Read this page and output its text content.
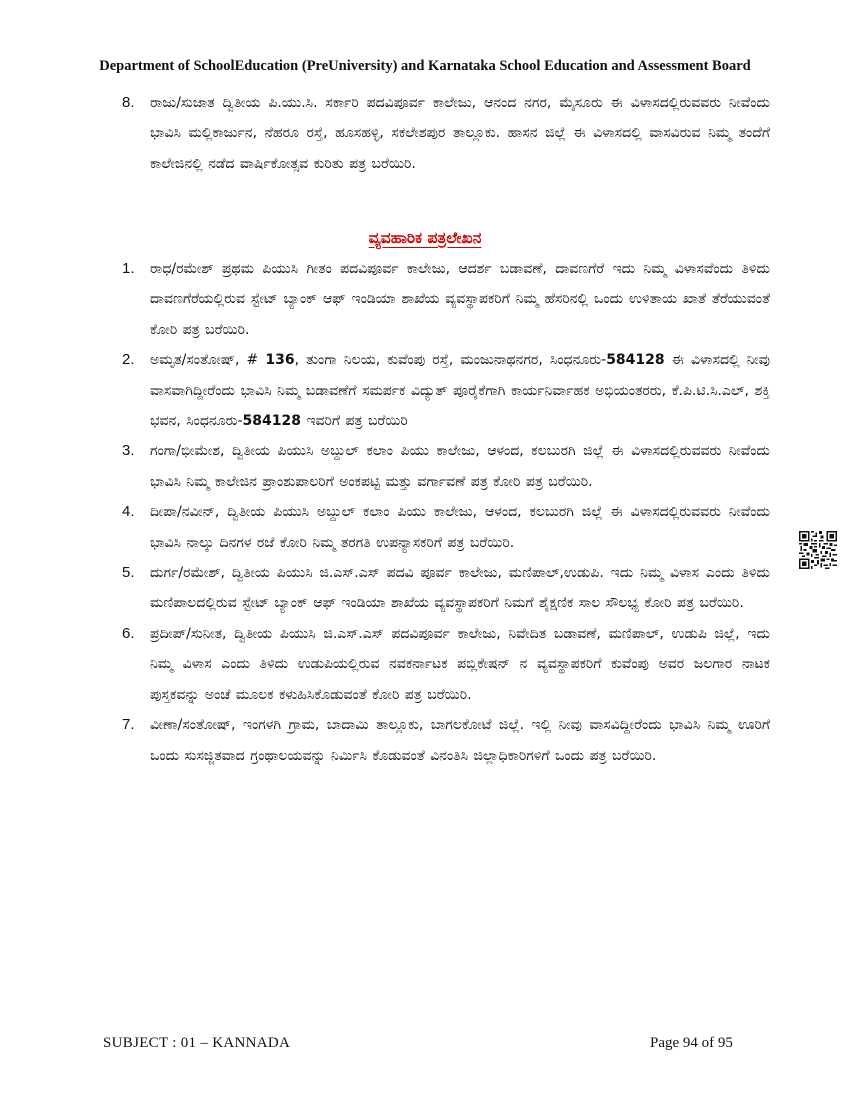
Department of SchoolEducation (PreUniversity) and Karnataka School Education and Assessment Board
8.	ರಾಜು/ಸುಜಾತ ದ್ವಿತೀಯ ಪಿ.ಯು.ಸಿ. ಸರ್ಕಾರಿ ಪದವಿಪೂರ್ವ ಕಾಲೇಜು, ಆನಂದ ನಗರ, ಮೈಸೂರು ಈ ವಿಳಾಸದಲ್ಲಿರುವವರು ನೀವೆಂದು ಭಾವಿಸಿ ಮಲ್ಲಿಕಾರ್ಜುನ, ನೆಹರೂ ರಸ್ತೆ, ಹೂಸಹಳ್ಳಿ, ಸಕಲೇಶಪುರ ತಾಲ್ಲೂಕು. ಹಾಸನ ಜಿಲ್ಲೆ ಈ ವಿಳಾಸದಲ್ಲಿ ವಾಸವಿರುವ ನಿಮ್ಮ ತಂದೆಗೆ ಕಾಲೇಜಿನಲ್ಲಿ ನಡೆದ ವಾರ್ಷಿಕೋತ್ಸವ ಕುರಿತು ಪತ್ರ ಬರೆಯಿರಿ.
ವ್ಯವಹಾರಿಕ ಪತ್ರಲೇಖನ
1.	ರಾಧ/ರಮೇಶ್ ಪ್ರಥಮ ಪಿಯುಸಿ ಗೀತಂ ಪದವಿಪೂರ್ವ ಕಾಲೇಜು, ಆದರ್ಶ ಬಡಾವಣೆ, ದಾವಣಗೆರೆ ಇದು ನಿಮ್ಮ ವಿಳಾಸವೆಂದು ತಿಳಿದು ದಾವಣಗೆರೆಯಲ್ಲಿರುವ ಸ್ಟೇಟ್ ಬ್ಯಾಂಕ್ ಆಫ್ ಇಂಡಿಯಾ ಶಾಖೆಯ ವ್ಯವಸ್ಥಾಪಕರಿಗೆ ನಿಮ್ಮ ಹೆಸರಿನಲ್ಲಿ ಒಂದು ಉಳಿತಾಯ ಖಾತೆ ತೆರೆಯುವಂತೆ ಕೋರಿ ಪತ್ರ ಬರೆಯಿರಿ.
2.	ಅಮೃತ/ಸಂತೋಷ್, # 136, ತುಂಗಾ ನಿಲಯ, ಕುವೆಂಪು ರಸ್ತೆ, ಮಂಜುನಾಥನಗರ, ಸಿಂಧನೂರು-584128 ಈ ವಿಳಾಸದಲ್ಲಿ ನೀವು ವಾಸವಾಗಿದ್ದೀರೆಂದು ಭಾವಿಸಿ ನಿಮ್ಮ ಬಡಾವಣೆಗೆ ಸಮರ್ಪಕ ವಿದ್ಯುತ್ ಪೂರೈಕೆಗಾಗಿ ಕಾರ್ಯನಿರ್ವಾಹಕ ಅಭಿಯಂತರರು, ಕೆ.ಪಿ.ಟಿ.ಸಿ.ಎಲ್, ಶಕ್ತಿ ಭವನ, ಸಿಂಧನೂರು-584128 ಇವರಿಗೆ ಪತ್ರ ಬರೆಯಿರಿ
3.	ಗಂಗಾ/ಭೀಮೇಶ, ದ್ವಿತೀಯ ಪಿಯುಸಿ ಅಬ್ದುಲ್ ಕಲಾಂ ಪಿಯು ಕಾಲೇಜು, ಆಳಂದ, ಕಲಬುರಗಿ ಜಿಲ್ಲೆ ಈ ವಿಳಾಸದಲ್ಲಿರುವವರು ನೀವೆಂದು ಭಾವಿಸಿ ನಿಮ್ಮ ಕಾಲೇಜಿನ ಪ್ರಾಂಶುಪಾಲರಿಗೆ ಅಂಕಪಟ್ಟಿ ಮತ್ತು ವರ್ಗಾವಣೆ ಪತ್ರ ಕೋರಿ ಪತ್ರ ಬರೆಯಿರಿ.
4.	ದೀಪಾ/ನವೀನ್, ದ್ವಿತೀಯ ಪಿಯುಸಿ ಅಬ್ದುಲ್ ಕಲಾಂ ಪಿಯು ಕಾಲೇಜು, ಆಳಂದ, ಕಲಬುರಗಿ ಜಿಲ್ಲೆ ಈ ವಿಳಾಸದಲ್ಲಿರುವವರು ನೀವೆಂದು ಭಾವಿಸಿ ನಾಲ್ಕು ದಿನಗಳ ರಜೆ ಕೋರಿ ನಿಮ್ಮ ತರಗತಿ ಉಪನ್ಯಾಸಕರಿಗೆ ಪತ್ರ ಬರೆಯಿರಿ.
5.	ದುರ್ಗ/ರಮೇಶ್, ದ್ವಿತೀಯ ಪಿಯುಸಿ ಜಿ.ಎಸ್.ಎಸ್ ಪದವಿ ಪೂರ್ವ ಕಾಲೇಜು, ಮಣಿಪಾಲ್,ಉಡುಪಿ. ಇದು ನಿಮ್ಮ ವಿಳಾಸ ಎಂದು ತಿಳಿದು ಮಣಿಪಾಲದಲ್ಲಿರುವ ಸ್ಟೇಟ್ ಬ್ಯಾಂಕ್ ಆಫ್ ಇಂಡಿಯಾ ಶಾಖೆಯ ವ್ಯವಸ್ಥಾಪಕರಿಗೆ ನಿಮಗೆ ಶೈಕ್ಷಣಿಕ ಸಾಲ ಸೌಲಭ್ಯ ಕೋರಿ ಪತ್ರ ಬರೆಯಿರಿ.
6.	ಪ್ರದೀಪ್/ಸುನೀತ, ದ್ವಿತೀಯ ಪಿಯುಸಿ ಜಿ.ಎಸ್.ಎಸ್ ಪದವಿಪೂರ್ವ ಕಾಲೇಜು, ನಿವೇದಿತ ಬಡಾವಣೆ, ಮಣಿಪಾಲ್, ಉಡುಪಿ ಜಿಲ್ಲೆ, ಇದು ನಿಮ್ಮ ವಿಳಾಸ ಎಂದು ತಿಳಿದು ಉಡುಪಿಯಲ್ಲಿರುವ ನವಕರ್ನಾಟಕ ಪಬ್ಲಿಕೇಷನ್ ನ ವ್ಯವಸ್ಥಾಪಕರಿಗೆ ಕುವೆಂಪು ಅವರ ಜಲಗಾರ ನಾಟಕ ಪುಸ್ತಕವನ್ನು ಅಂಚೆ ಮೂಲಕ ಕಳುಹಿಸಿಕೊಡುವಂತೆ ಕೋರಿ ಪತ್ರ ಬರೆಯಿರಿ.
7.	ವೀಣಾ/ಸಂತೋಷ್, ಇಂಗಳಗಿ ಗ್ರಾಮ, ಬಾದಾಮಿ ತಾಲ್ಲೂಕು, ಬಾಗಲಕೋಟೆ ಜಿಲ್ಲೆ. ಇಲ್ಲಿ ನೀವು ವಾಸವಿದ್ದೀರೆಂದು ಭಾವಿಸಿ ನಿಮ್ಮ ಊರಿಗೆ ಒಂದು ಸುಸಜ್ಜಿತವಾದ ಗ್ರಂಥಾಲಯವನ್ನು ನಿರ್ಮಿಸಿ ಕೊಡುವಂತೆ ವಿನಂತಿಸಿ ಜಿಲ್ಲಾಧಿಕಾರಿಗಳಿಗೆ ಒಂದು ಪತ್ರ ಬರೆಯಿರಿ.
SUBJECT : 01 – KANNADA	Page 94 of 95
